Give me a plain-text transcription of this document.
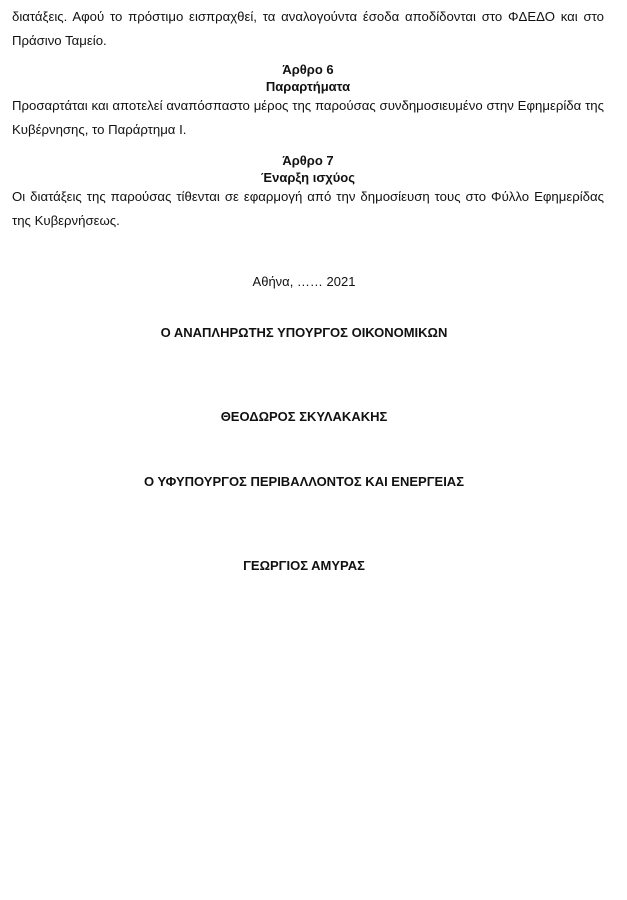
διατάξεις. Αφού το πρόστιμο εισπραχθεί, τα αναλογούντα έσοδα αποδίδονται στο ΦΔΕΔΟ και στο Πράσινο Ταμείο.

Άρθρο 6

Παραρτήματα

Προσαρτάται και αποτελεί αναπόσπαστο μέρος της παρούσας συνδημοσιευμένο στην Εφημερίδα της Κυβέρνησης, το Παράρτημα Ι.

Άρθρο 7

Έναρξη ισχύος

Οι διατάξεις της παρούσας τίθενται σε εφαρμογή από την δημοσίευση τους στο Φύλλο Εφημερίδας της Κυβερνήσεως.

Αθήνα, …… 2021

Ο ΑΝΑΠΛΗΡΩΤΗΣ ΥΠΟΥΡΓΟΣ ΟΙΚΟΝΟΜΙΚΩΝ

ΘΕΟΔΩΡΟΣ ΣΚΥΛΑΚΑΚΗΣ

Ο ΥΦΥΠΟΥΡΓΟΣ ΠΕΡΙΒΑΛΛΟΝΤΟΣ ΚΑΙ ΕΝΕΡΓΕΙΑΣ

ΓΕΩΡΓΙΟΣ ΑΜΥΡΑΣ
